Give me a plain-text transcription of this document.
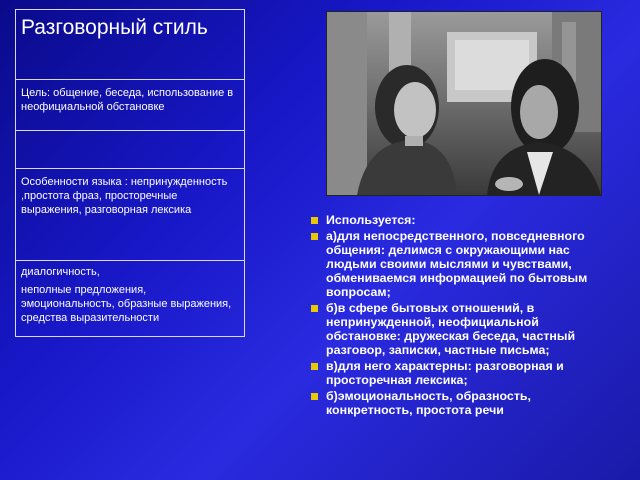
Разговорный стиль
Цель: общение, беседа, использование в неофициальной обстановке
Особенности языка : непринужденность ,простота фраз, просторечные выражения, разговорная лексика

диалогичность,

неполные предложения, эмоциональность, образные выражения, средства выразительности

Используется:
а)для непосредственного, повседневного общения: делимся с окружающими нас людьми своими мыслями и чувствами, обмениваемся информацией по бытовым вопросам;
б)в сфере бытовых отношений, в непринужденной, неофициальной обстановке: дружеская беседа, частный разговор, записки, частные письма;
в)для него характерны: разговорная и просторечная лексика;
б)эмоциональность, образность, конкретность, простота речи
